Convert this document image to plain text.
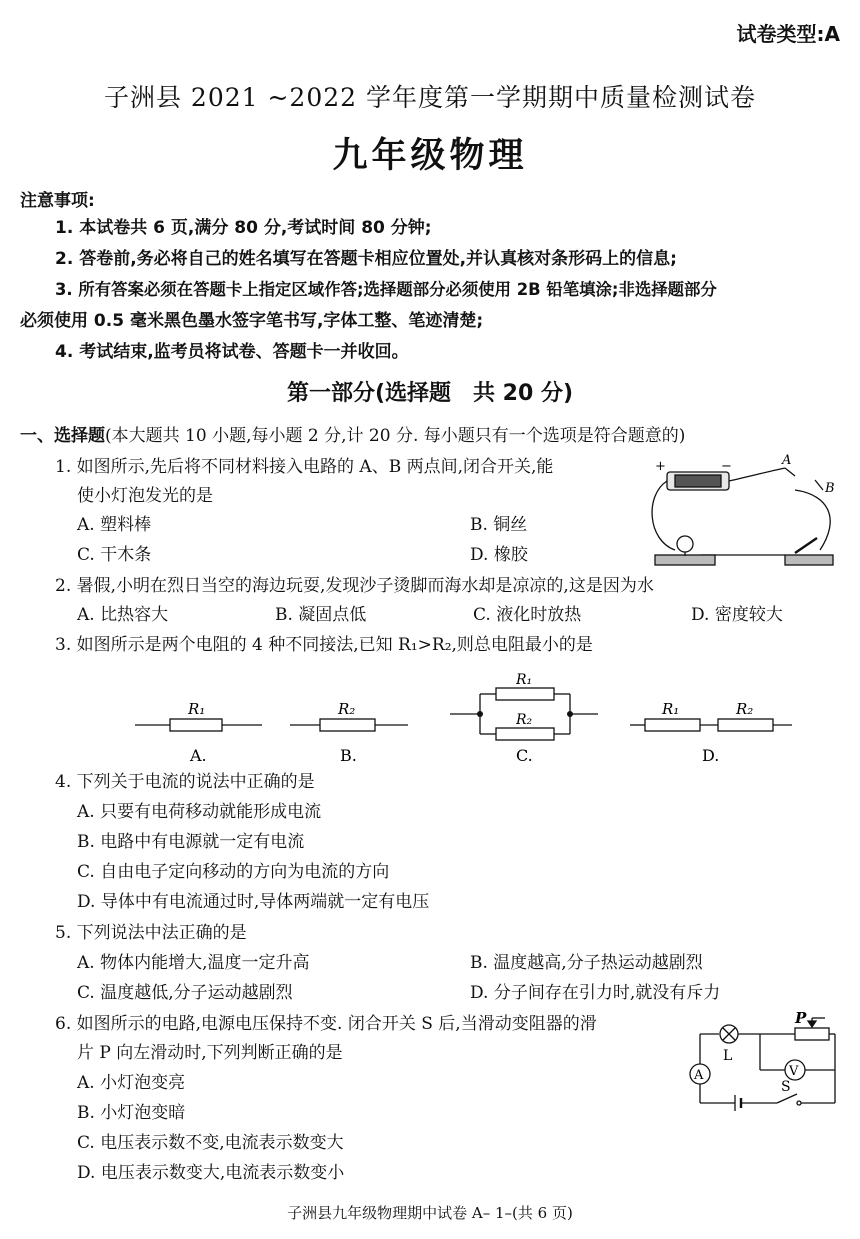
试卷类型:A
子洲县 2021 ~2022 学年度第一学期期中质量检测试卷
九年级物理
注意事项:
1. 本试卷共 6 页,满分 80 分,考试时间 80 分钟;
2. 答卷前,务必将自己的姓名填写在答题卡相应位置处,并认真核对条形码上的信息;
3. 所有答案必须在答题卡上指定区域作答;选择题部分必须使用 2B 铅笔填涂;非选择题部分
必须使用 0.5 毫米黑色墨水签字笔书写,字体工整、笔迹清楚;
4. 考试结束,监考员将试卷、答题卡一并收回。
第一部分(选择题　共 20 分)
一、选择题(本大题共 10 小题,每小题 2 分,计 20 分. 每小题只有一个选项是符合题意的)
1. 如图所示,先后将不同材料接入电路的 A、B 两点间,闭合开关,能
使小灯泡发光的是
A. 塑料棒	B. 铜丝
C. 干木条	D. 橡胶
+	−	A
B
2. 暑假,小明在烈日当空的海边玩耍,发现沙子烫脚而海水却是凉凉的,这是因为水
A. 比热容大	B. 凝固点低	C. 液化时放热	D. 密度较大
3. 如图所示是两个电阻的 4 种不同接法,已知 R₁>R₂,则总电阻最小的是
R₁	R₂
R₁
R₂
R₁	R₂
A.	B.	C.	D.
4. 下列关于电流的说法中正确的是
A. 只要有电荷移动就能形成电流
B. 电路中有电源就一定有电流
C. 自由电子定向移动的方向为电流的方向
D. 导体中有电流通过时,导体两端就一定有电压
5. 下列说法中法正确的是
A. 物体内能增大,温度一定升高	B. 温度越高,分子热运动越剧烈
C. 温度越低,分子运动越剧烈	D. 分子间存在引力时,就没有斥力
6. 如图所示的电路,电源电压保持不变. 闭合开关 S 后,当滑动变阻器的滑
片 P 向左滑动时,下列判断正确的是
A. 小灯泡变亮
B. 小灯泡变暗
C. 电压表示数不变,电流表示数变大
D. 电压表示数变大,电流表示数变小
P
L
V
A
S
子洲县九年级物理期中试卷 A– 1–(共 6 页)
